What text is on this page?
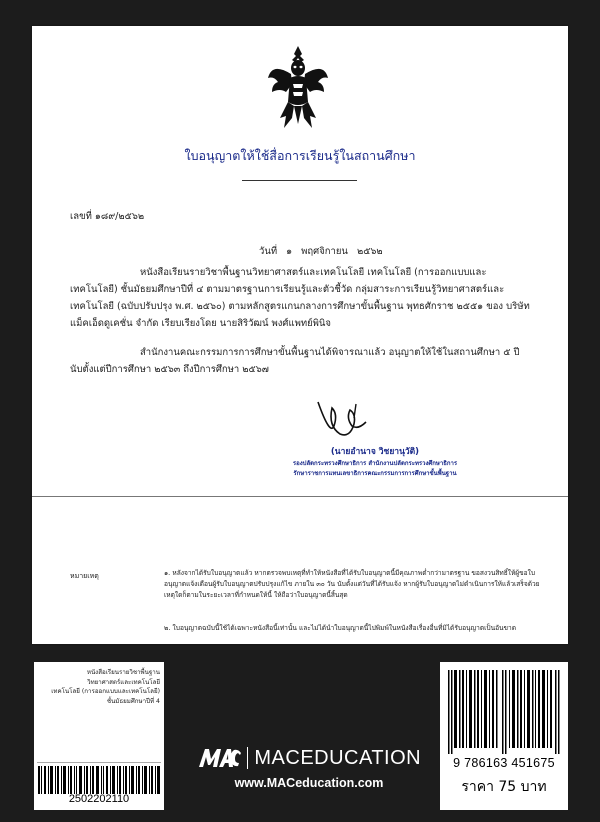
ใบอนุญาตให้ใช้สื่อการเรียนรู้ในสถานศึกษา
เลขที่ ๑๘๙/๒๕๖๒
วันที่ ๑ พฤศจิกายน ๒๕๖๒
หนังสือเรียนรายวิชาพื้นฐานวิทยาศาสตร์และเทคโนโลยี เทคโนโลยี (การออกแบบและเทคโนโลยี) ชั้นมัธยมศึกษาปีที่ ๔ ตามมาตรฐานการเรียนรู้และตัวชี้วัด กลุ่มสาระการเรียนรู้วิทยาศาสตร์และเทคโนโลยี (ฉบับปรับปรุง พ.ศ. ๒๕๖๐) ตามหลักสูตรแกนกลางการศึกษาขั้นพื้นฐาน พุทธศักราช ๒๕๕๑ ของ บริษัท แม็คเอ็ดดูเคชั่น จำกัด เรียบเรียงโดย นายสิริวัฒน์ พงศ์แพทย์พินิจ
สำนักงานคณะกรรมการการศึกษาขั้นพื้นฐานได้พิจารณาแล้ว อนุญาตให้ใช้ในสถานศึกษา ๕ ปี นับตั้งแต่ปีการศึกษา ๒๕๖๓ ถึงปีการศึกษา ๒๕๖๗
(นายอำนาจ วิชยานุวัติ)
รองปลัดกระทรวงศึกษาธิการ สำนักงานปลัดกระทรวงศึกษาธิการ
รักษาราชการแทนเลขาธิการคณะกรรมการการศึกษาขั้นพื้นฐาน
หมายเหตุ	๑. หลังจากได้รับใบอนุญาตแล้ว หากตรวจพบเหตุที่ทำให้หนังสือที่ได้รับใบอนุญาตนี้มีคุณภาพต่ำกว่ามาตรฐาน ขอสงวนสิทธิ์ให้ผู้ขอใบอนุญาตแจ้งเตือนผู้รับใบอนุญาตปรับปรุงแก้ไข ภายใน ๓๐ วัน นับตั้งแต่วันที่ได้รับแจ้ง หากผู้รับใบอนุญาตไม่ดำเนินการให้แล้วเสร็จด้วยเหตุใดก็ตามในระยะเวลาที่กำหนดให้นี้ ให้ถือว่าใบอนุญาตนี้สิ้นสุด
๒. ใบอนุญาตฉบับนี้ใช้ได้เฉพาะหนังสือนี้เท่านั้น และไม่ได้นำใบอนุญาตนี้ไปพิมพ์ในหนังสือเรื่องอื่นที่มิได้รับอนุญาตเป็นอันขาด
หนังสือเรียนรายวิชาพื้นฐาน
วิทยาศาสตร์และเทคโนโลยี
เทคโนโลยี (การออกแบบและเทคโนโลยี)
ชั้นมัธยมศึกษาปีที่ 4
2502202110
MACEDUCATION
www.MACeducation.com
9 786163 451675
ราคา 75 บาท
